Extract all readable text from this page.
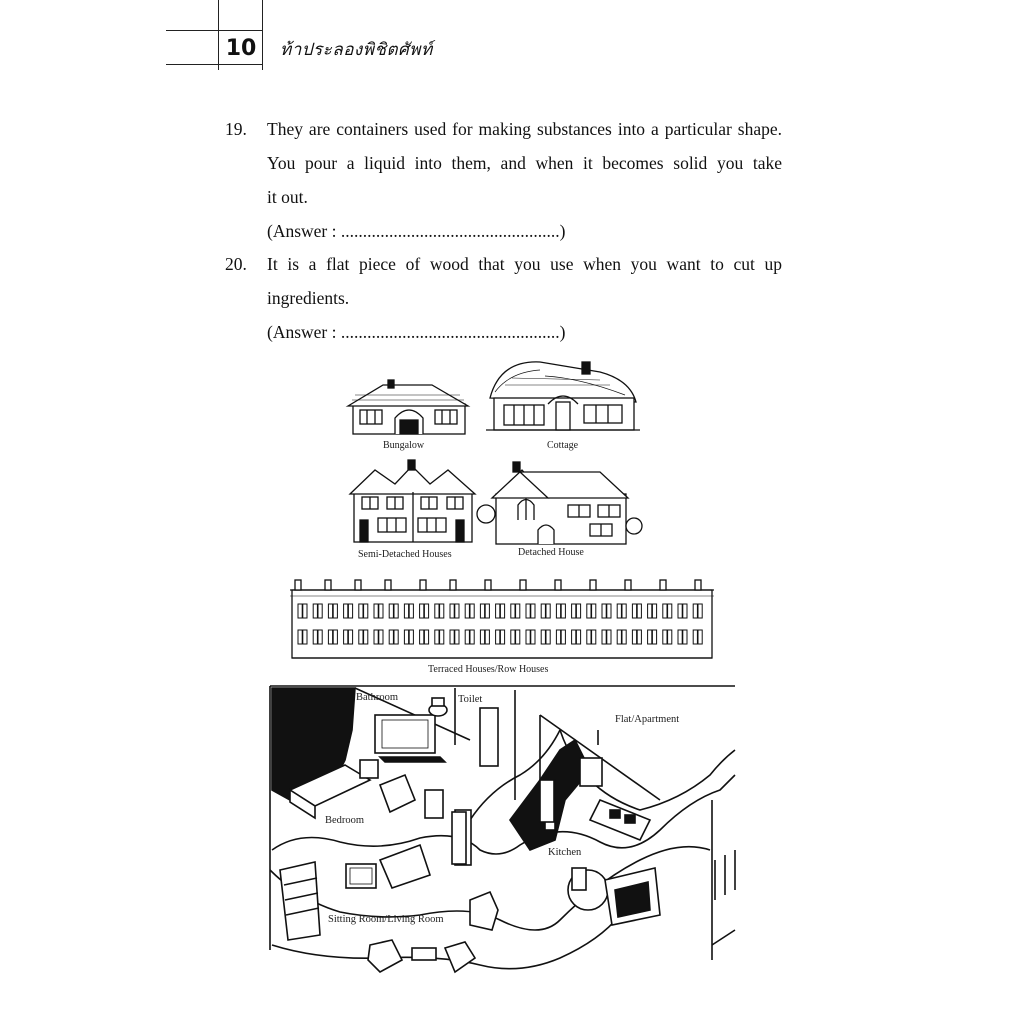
10 ท้าประลองพิชิตศัพท์
19.	They are containers used for making substances into a particular shape.

You pour a liquid into them, and when it becomes solid you take

it out.

(Answer : ..................................................)

20.	It is a flat piece of wood that you use when you want to cut up

ingredients.

(Answer : ..................................................)

Bungalow	Cottage
Semi-Detached Houses	Detached House
Terraced Houses/Row Houses
Bathroom	Toilet
Flat/Apartment
Bedroom
Kitchen
Sitting Room/Living Room
